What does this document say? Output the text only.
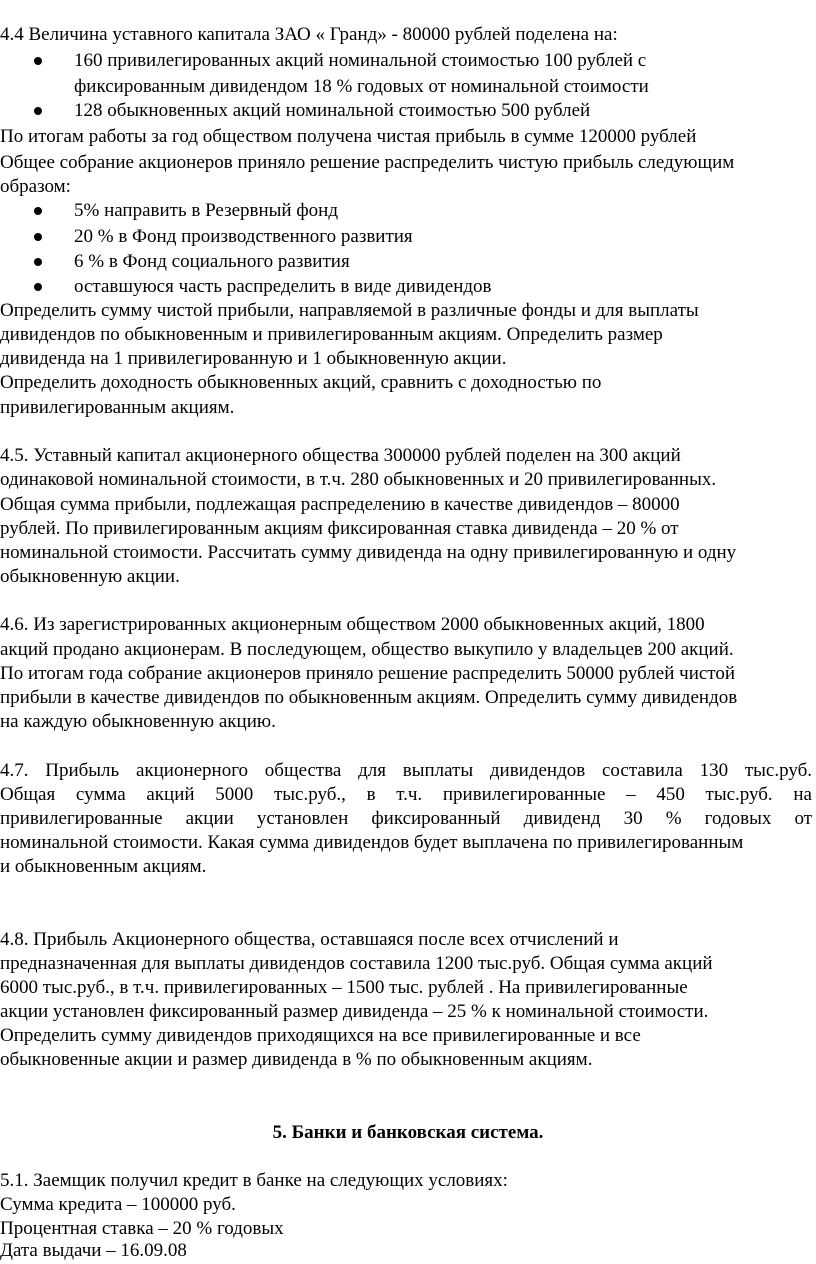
4.4 Величина уставного капитала ЗАО « Гранд» - 80000 рублей поделена на:
160 привилегированных акций номинальной стоимостью 100 рублей с
фиксированным дивидендом 18 % годовых от номинальной стоимости
128 обыкновенных акций номинальной стоимостью 500 рублей
По итогам работы за год обществом получена чистая прибыль в сумме 120000 рублей
Общее собрание акционеров приняло решение распределить чистую прибыль следующим
образом:
5% направить в Резервный фонд
20 % в Фонд производственного развития
6 % в Фонд социального развития
оставшуюся часть распределить в виде дивидендов
Определить сумму чистой прибыли, направляемой в различные фонды и для выплаты
дивидендов по обыкновенным и привилегированным акциям. Определить размер
дивиденда на 1 привилегированную и 1 обыкновенную акции.
Определить доходность обыкновенных акций, сравнить с доходностью по
привилегированным акциям.
4.5. Уставный капитал акционерного общества 300000 рублей поделен на 300 акций
одинаковой номинальной стоимости, в т.ч. 280 обыкновенных и 20 привилегированных.
Общая сумма прибыли, подлежащая распределению в качестве дивидендов – 80000
рублей. По привилегированным акциям фиксированная ставка дивиденда – 20 % от
номинальной стоимости. Рассчитать сумму дивиденда на одну привилегированную и одну
обыкновенную акции.
4.6. Из зарегистрированных акционерным обществом 2000 обыкновенных акций, 1800
акций продано акционерам. В последующем, общество выкупило у владельцев 200 акций.
По итогам года собрание акционеров приняло решение распределить 50000 рублей чистой
прибыли в качестве дивидендов по обыкновенным акциям. Определить сумму дивидендов
на каждую обыкновенную акцию.
4.7. Прибыль акционерного общества для выплаты дивидендов составила 130 тыс.руб.
Общая сумма акций 5000 тыс.руб., в т.ч. привилегированные – 450 тыс.руб. на
привилегированные акции установлен фиксированный дивиденд 30 % годовых от
номинальной стоимости. Какая сумма дивидендов будет выплачена по привилегированным
и обыкновенным акциям.
4.8. Прибыль Акционерного общества, оставшаяся после всех отчислений и
предназначенная для выплаты дивидендов составила 1200 тыс.руб. Общая сумма акций
6000 тыс.руб., в т.ч. привилегированных – 1500 тыс. рублей . На привилегированные
акции установлен фиксированный размер дивиденда – 25 % к номинальной стоимости.
Определить сумму дивидендов приходящихся на все привилегированные и все
обыкновенные акции и размер дивиденда в % по обыкновенным акциям.
5. Банки и банковская система.
5.1. Заемщик получил кредит в банке на следующих условиях:
Сумма кредита – 100000 руб.
Процентная ставка – 20 % годовых
Дата выдачи – 16.09.08
